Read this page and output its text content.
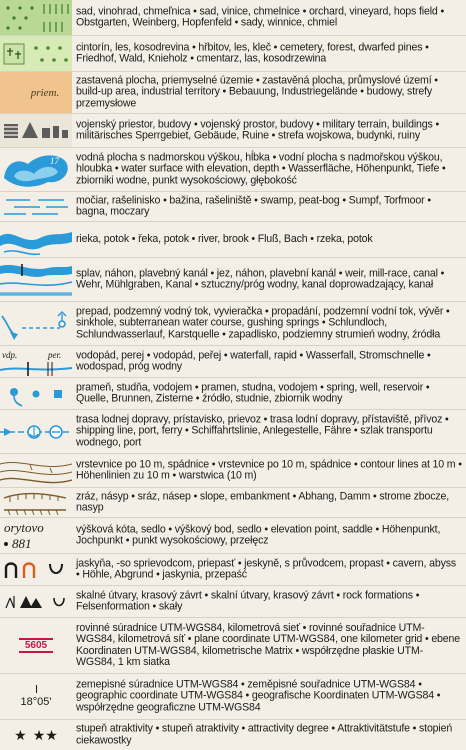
sad, vinohrad, chmeľnica • sad, vinice, chmelnice • orchard, vineyard, hops field • Obstgarten, Weinberg, Hopfenfeld • sady, winnice, chmiel
cintorín, les, kosodrevina • hřbitov, les, kleč • cemetery, forest, dwarfed pines • Friedhof, Wald, Knieholz • cmentarz, las, kosodrzewina
priem.
zastavená plocha, priemyselné územie • zastavěná plocha, průmyslové území • build-up area, industrial territory • Bebauung, Industriegelände • budowy, strefy przemysłowe
vojenský priestor, budovy • vojenský prostor, budovy • military terrain, buildings • militärisches Sperrgebiet, Gebäude, Ruine • strefa wojskowa, budynki, ruiny
17 vodná plocha s nadmorskou výškou, hĺbka • vodní plocha s nadmořskou výškou, hloubka • water surface with elevation, depth • Wasserfläche, Höhenpunkt, Tiefe • zbiorniki wodne, punkt wysokościowy, głębokość
močiar, rašelinisko • bažina, rašeliniště • swamp, peat-bog • Sumpf, Torfmoor • bagna, moczary
rieka, potok • řeka, potok • river, brook • Fluß, Bach • rzeka, potok
splav, náhon, plavebný kanál • jez, náhon, plavební kanál • weir, mill-race, canal • Wehr, Mühlgraben, Kanal • sztuczny/próg wodny, kanal doprowadzający, kanał
prepad, podzemný vodný tok, vyvieračka • propadání, podzemní vodní tok, vývěr • sinkhole, subterranean water course, gushing springs • Schlundloch, Schlundwasserlauf, Karstquelle • zapadlisko, podziemny strumień wodny, źródła
vdp.	per. vodopád, perej • vodopád, peřej • waterfall, rapid • Wasserfall, Stromschnelle • wodospad, próg wodny
prameň, studňa, vodojem • pramen, studna, vodojem • spring, well, reservoir • Quelle, Brunnen, Zisterne • źródło, studnie, zbiornik wodny
trasa lodnej dopravy, prístavisko, prievoz • trasa lodní dopravy, přístaviště, přívoz • shipping line, port, ferry • Schiffahrtslinie, Anlegestelle, Fähre • szlak transportu wodnego, port
vrstevnice po 10 m, spádnice • vrstevnice po 10 m, spádnice • contour lines at 10 m • Höhenlinien zu 10 m • warstwica (10 m)
zráz, násyp • sráz, násep • slope, embankment • Abhang, Damm • strome zbocze, nasyp
orytovo
881
výšková kóta, sedlo • výškový bod, sedlo • elevation point, saddle • Höhenpunkt, Jochpunkt • punkt wysokościowy, przełęcz
jaskyňa, -so sprievodcom, priepasť • jeskyně, s průvodcem, propast • cavern, abyss • Höhle, Abgrund • jaskynia, przepaść
skalné útvary, krasový závrt • skalní útvary, krasový závrt • rock formations • Felsenformation • skały
5605
rovinné súradnice UTM-WGS84, kilometrová sieť • rovinné souřadnice UTM-WGS84, kilometrová síť • plane coordinate UTM-WGS84, one kilometer grid • ebene Koordinaten UTM-WGS84, kilometrische Matrix • współrzędne płaskie UTM-WGS84, 1 km siatka
18°05'
zemepisné súradnice UTM-WGS84 • zeměpisné souřadnice UTM-WGS84 • geographic coordinate UTM-WGS84 • geografische Koordinaten UTM-WGS84 • współrzędne geograficzne UTM-WGS84
★ ★★ stupeň atraktivity • stupeň atraktivity • attractivity degree • Attraktivitätstufe • stopień ciekawostky
